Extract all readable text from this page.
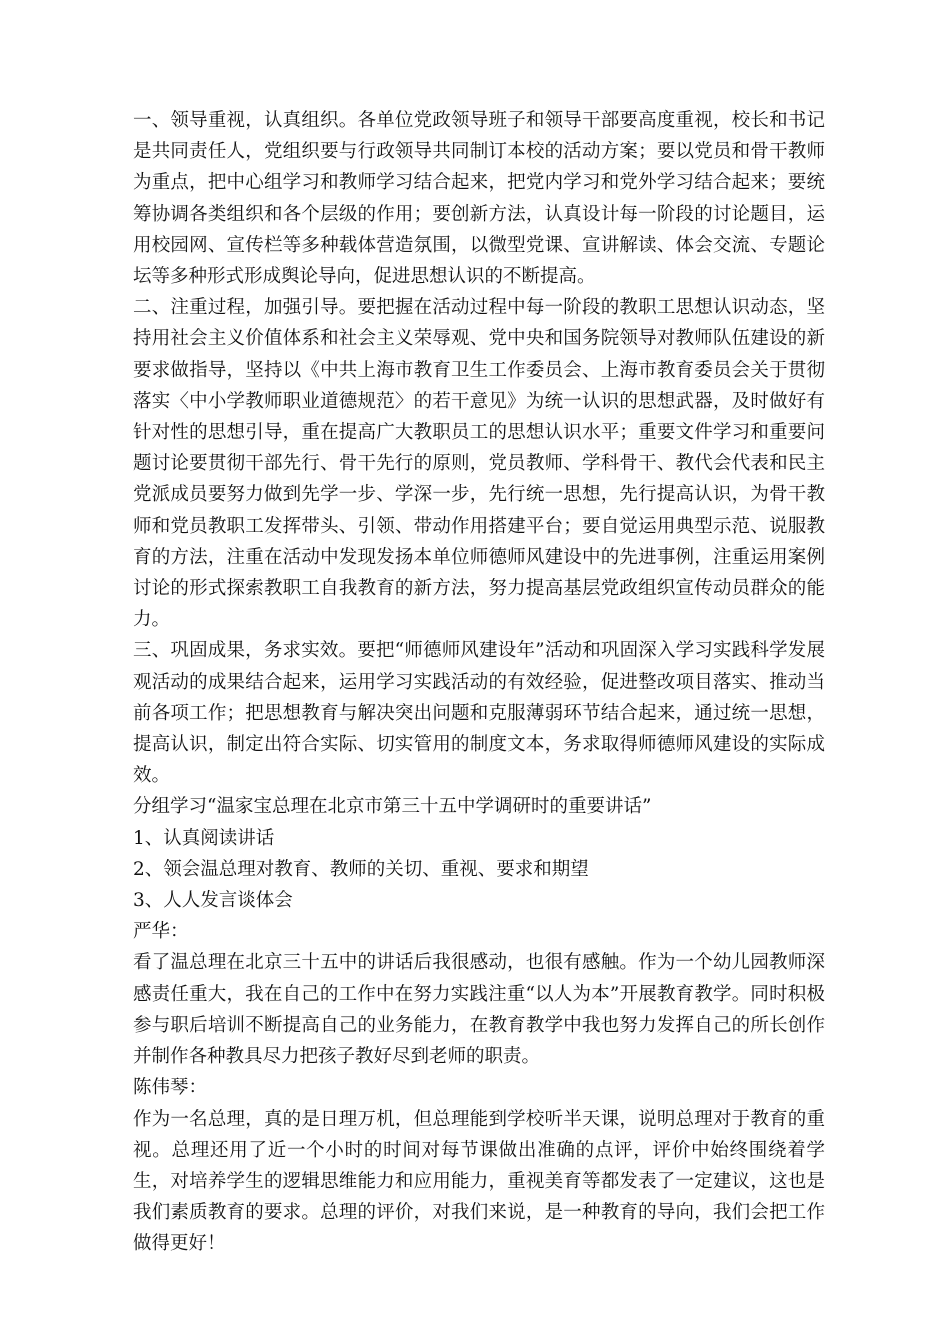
一、领导重视，认真组织。各单位党政领导班子和领导干部要高度重视，校长和书记是共同责任人，党组织要与行政领导共同制订本校的活动方案；要以党员和骨干教师为重点，把中心组学习和教师学习结合起来，把党内学习和党外学习结合起来；要统筹协调各类组织和各个层级的作用；要创新方法，认真设计每一阶段的讨论题目，运用校园网、宣传栏等多种载体营造氛围，以微型党课、宣讲解读、体会交流、专题论坛等多种形式形成舆论导向，促进思想认识的不断提高。

二、注重过程，加强引导。要把握在活动过程中每一阶段的教职工思想认识动态，坚持用社会主义价值体系和社会主义荣辱观、党中央和国务院领导对教师队伍建设的新要求做指导，坚持以《中共上海市教育卫生工作委员会、上海市教育委员会关于贯彻落实〈中小学教师职业道德规范〉的若干意见》为统一认识的思想武器，及时做好有针对性的思想引导，重在提高广大教职员工的思想认识水平；重要文件学习和重要问题讨论要贯彻干部先行、骨干先行的原则，党员教师、学科骨干、教代会代表和民主党派成员要努力做到先学一步、学深一步，先行统一思想，先行提高认识，为骨干教师和党员教职工发挥带头、引领、带动作用搭建平台；要自觉运用典型示范、说服教育的方法，注重在活动中发现发扬本单位师德师风建设中的先进事例，注重运用案例讨论的形式探索教职工自我教育的新方法，努力提高基层党政组织宣传动员群众的能力。

三、巩固成果，务求实效。要把“师德师风建设年”活动和巩固深入学习实践科学发展观活动的成果结合起来，运用学习实践活动的有效经验，促进整改项目落实、推动当前各项工作；把思想教育与解决突出问题和克服薄弱环节结合起来，通过统一思想，提高认识，制定出符合实际、切实管用的制度文本，务求取得师德师风建设的实际成效。

分组学习“温家宝总理在北京市第三十五中学调研时的重要讲话”

1、认真阅读讲话

2、领会温总理对教育、教师的关切、重视、要求和期望

3、人人发言谈体会

严华：

看了温总理在北京三十五中的讲话后我很感动，也很有感触。作为一个幼儿园教师深感责任重大，我在自己的工作中在努力实践注重“以人为本”开展教育教学。同时积极参与职后培训不断提高自己的业务能力，在教育教学中我也努力发挥自己的所长创作并制作各种教具尽力把孩子教好尽到老师的职责。

陈伟琴：

作为一名总理，真的是日理万机，但总理能到学校听半天课，说明总理对于教育的重视。总理还用了近一个小时的时间对每节课做出准确的点评，评价中始终围绕着学生，对培养学生的逻辑思维能力和应用能力，重视美育等都发表了一定建议，这也是我们素质教育的要求。总理的评价，对我们来说，是一种教育的导向，我们会把工作做得更好！
